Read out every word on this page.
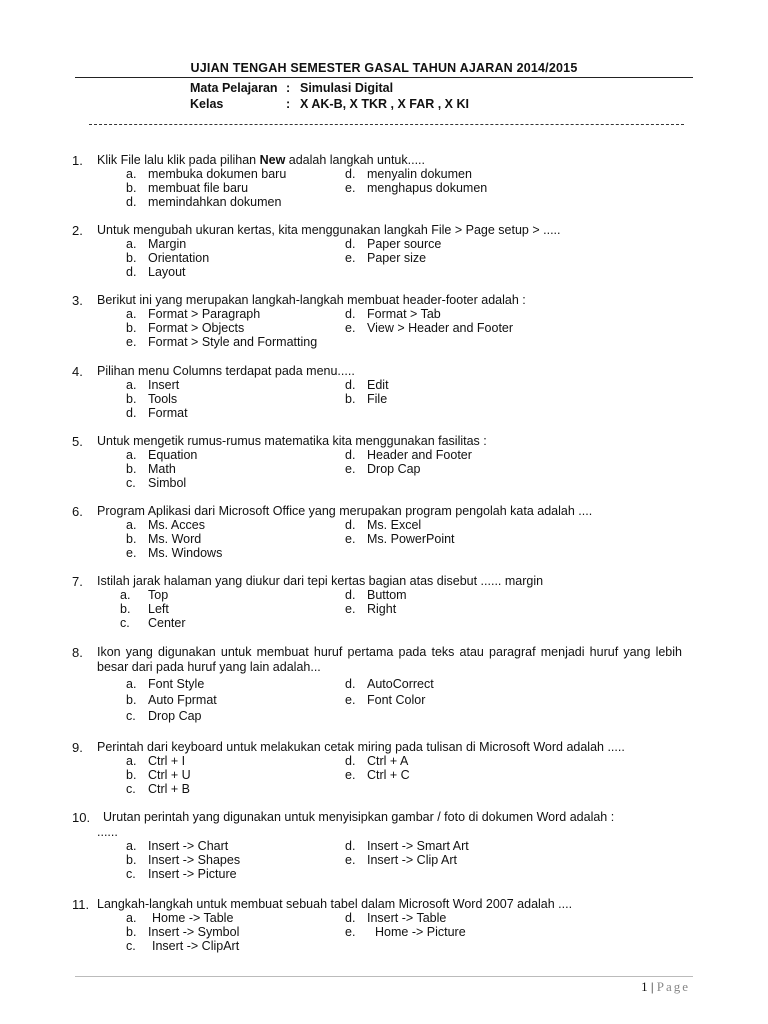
UJIAN TENGAH SEMESTER GASAL TAHUN AJARAN 2014/2015
Mata Pelajaran : Simulasi Digital
Kelas	: X AK-B, X TKR , X FAR , X KI
1. Klik File lalu klik pada pilihan New adalah langkah untuk.....
a. membuka dokumen baru	d. menyalin dokumen
b. membuat file baru	e. menghapus dokumen
d. memindahkan dokumen
2. Untuk mengubah ukuran kertas, kita menggunakan langkah File > Page setup > .....
a. Margin	d. Paper source
b. Orientation	e. Paper size
d. Layout
3. Berikut ini yang merupakan langkah-langkah membuat header-footer adalah :
a. Format > Paragraph	d. Format > Tab
b. Format > Objects	e. View > Header and Footer
e. Format > Style and Formatting
4. Pilihan menu Columns terdapat pada menu.....
a. Insert	d. Edit
b. Tools	b. File
d. Format
5. Untuk mengetik rumus-rumus matematika kita menggunakan fasilitas :
a. Equation	d. Header and Footer
b. Math	e. Drop Cap
c. Simbol
6. Program Aplikasi dari Microsoft Office yang merupakan program pengolah kata adalah ....
a. Ms. Acces	d. Ms. Excel
b. Ms. Word	e. Ms. PowerPoint
e. Ms. Windows
7. Istilah jarak halaman yang diukur dari tepi kertas bagian atas disebut ...... margin
a. Top	d. Buttom
b. Left	e. Right
c. Center
8. Ikon yang digunakan untuk membuat huruf pertama pada teks atau paragraf menjadi huruf yang lebih besar dari pada huruf yang lain adalah...
a. Font Style	d. AutoCorrect
b. Auto Fprmat	e. Font Color
c. Drop Cap
9. Perintah dari keyboard untuk melakukan cetak miring pada tulisan di Microsoft Word adalah .....
a. Ctrl + I	d. Ctrl + A
b. Ctrl + U	e. Ctrl + C
c. Ctrl + B
10. Urutan perintah yang digunakan untuk menyisipkan gambar / foto di dokumen Word adalah :
......
a. Insert -> Chart	d. Insert -> Smart Art
b. Insert -> Shapes	e. Insert -> Clip Art
c. Insert -> Picture
11. Langkah-langkah untuk membuat sebuah tabel dalam Microsoft Word 2007 adalah ....
a. Home -> Table	d. Insert -> Table
b. Insert -> Symbol	e. Home -> Picture
c. Insert -> ClipArt
1 | Page
